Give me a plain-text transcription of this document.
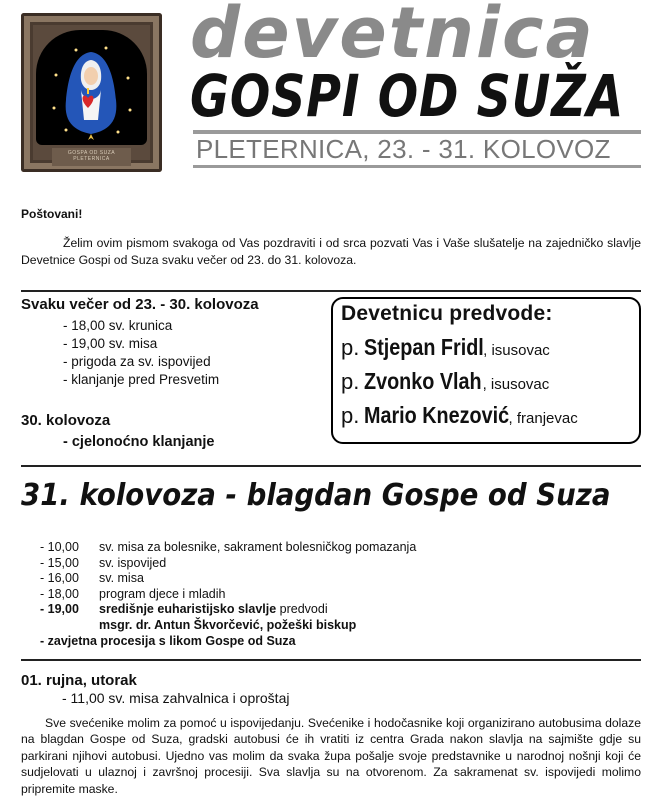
GOSPA OD SUZA PLETERNICA
devetnica
GOSPI OD SUŽA
PLETERNICA, 23. - 31. KOLOVOZ
Poštovani!
Želim ovim pismom svakoga od Vas pozdraviti i od srca pozvati Vas i Vaše slušatelje na zajedničko slavlje Devetnice Gospi od Suza svaku večer od 23. do 31. kolovoza.
Svaku večer od 23. - 30. kolovoza
- 18,00 sv. krunica
- 19,00 sv. misa
- prigoda za sv. ispovijed
- klanjanje pred Presvetim
30. kolovoza
- cjelonoćno klanjanje
Devetnicu predvode:
p. Stjepan Fridl, isusovac
p. Zvonko Vlah, isusovac
p. Mario Knezović, franjevac
31. kolovoza - blagdan Gospe od Suza
- 10,00 sv. misa za bolesnike, sakrament bolesničkog pomazanja
- 15,00 sv. ispovijed
- 16,00 sv. misa
- 18,00 program djece i mladih
- 19,00 središnje euharistijsko slavlje predvodi
msgr. dr. Antun Škvorčević, požeški biskup
- zavjetna procesija s likom Gospe od Suza
01. rujna, utorak
- 11,00 sv. misa zahvalnica i oproštaj
Sve svećenike molim za pomoć u ispovijedanju. Svećenike i hodočasnike koji organizirano autobusima dolaze na blagdan Gospe od Suza, gradski autobusi će ih vratiti iz centra Grada nakon slavlja na sajmište gdje su parkirani njihovi autobusi. Ujedno vas molim da svaka župa pošalje svoje predstavnike u narodnoj nošnji koji će sudjelovati u ulaznoj i završnoj procesiji. Sva slavlja su na otvorenom. Za sakramenat sv. ispovijedi molimo pripremite maske.
